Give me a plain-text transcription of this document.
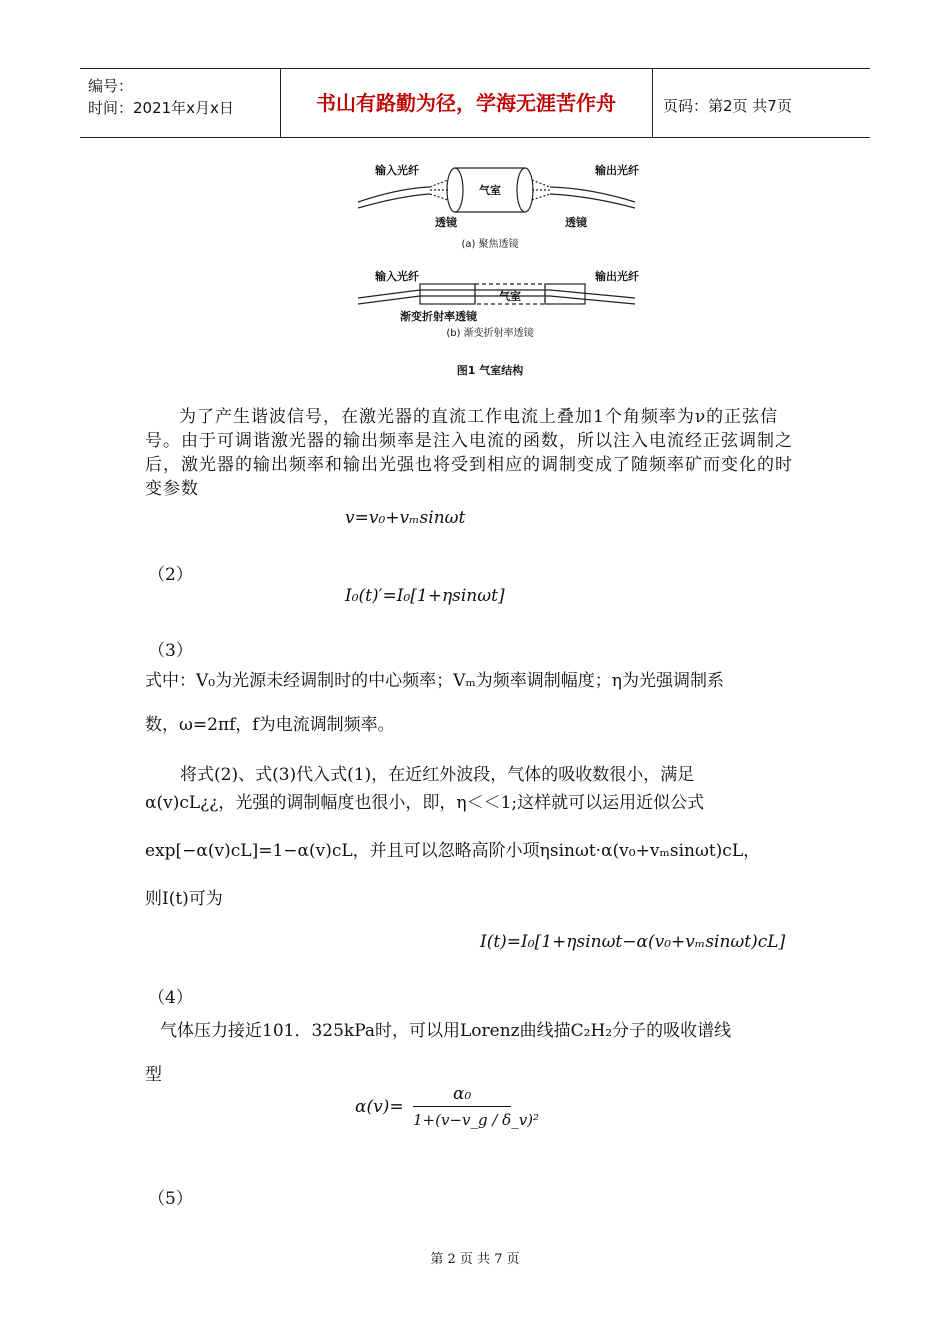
编号：
时间：2021年x月x日	书山有路勤为径，学海无涯苦作舟	页码：第2页 共7页
输入光纤	输出光纤
气室
透镜	透镜
(a) 聚焦透镜
输入光纤	输出光纤
气室
渐变折射率透镜
(b) 渐变折射率透镜
图1 气室结构
为了产生谐波信号，在激光器的直流工作电流上叠加1个角频率为ν的正弦信号。由于可调谐激光器的输出频率是注入电流的函数，所以注入电流经正弦调制之后，激光器的输出频率和输出光强也将受到相应的调制变成了随频率矿而变化的时变参数
v=v₀+vₘsinωt
（2）
I₀(t)′=I₀[1+ηsinωt]
（3）
式中：V₀为光源未经调制时的中心频率；Vₘ为频率调制幅度；η为光强调制系
数，ω=2πf，f为电流调制频率。
将式(2)、式(3)代入式(1)，在近红外波段，气体的吸收数很小，满足
α(v)cL¿¿，光强的调制幅度也很小，即，η＜＜1;这样就可以运用近似公式
exp[−α(v)cL]=1−α(v)cL，并且可以忽略高阶小项ηsinωt·α(v₀+vₘsinωt)cL，
则I(t)可为
I(t)=I₀[1+ηsinωt−α(v₀+vₘsinωt)cL]
（4）
气体压力接近101．325kPa时，可以用Lorenz曲线描C₂H₂分子的吸收谱线
型
α(v)=
α₀
1+(v−v_g / δ_v)²
（5）
第 2 页 共 7 页
